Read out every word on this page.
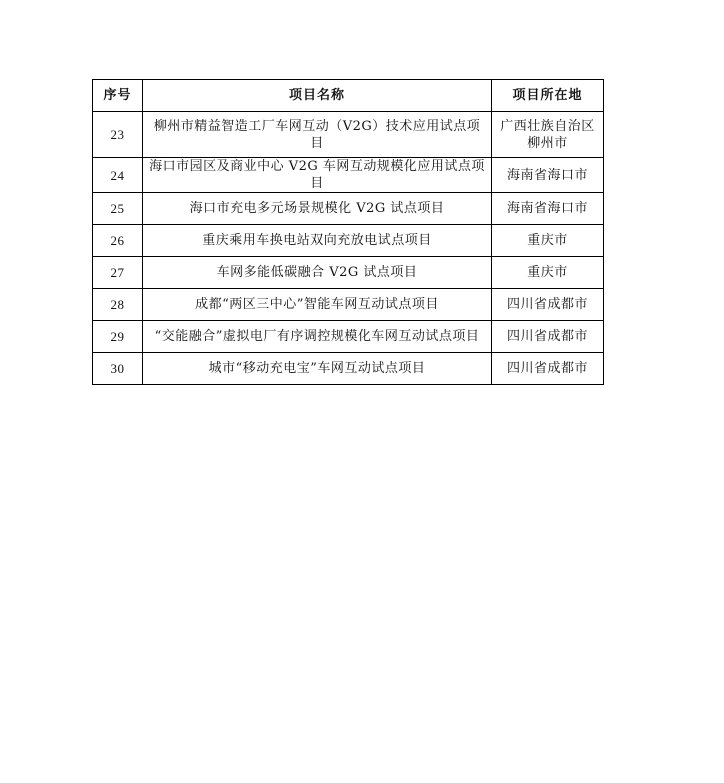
序号	项目名称	项目所在地
23	柳州市精益智造工厂车网互动（V2G）技术应用试点项目	广西壮族自治区
柳州市

24	海口市园区及商业中心 V2G 车网互动规模化应用试点项目	海南省海口市
25	海口市充电多元场景规模化 V2G 试点项目	海南省海口市
26	重庆乘用车换电站双向充放电试点项目	重庆市
27	车网多能低碳融合 V2G 试点项目	重庆市
28	成都“两区三中心”智能车网互动试点项目	四川省成都市
29	“交能融合”虚拟电厂有序调控规模化车网互动试点项目	四川省成都市
30	城市“移动充电宝”车网互动试点项目	四川省成都市
